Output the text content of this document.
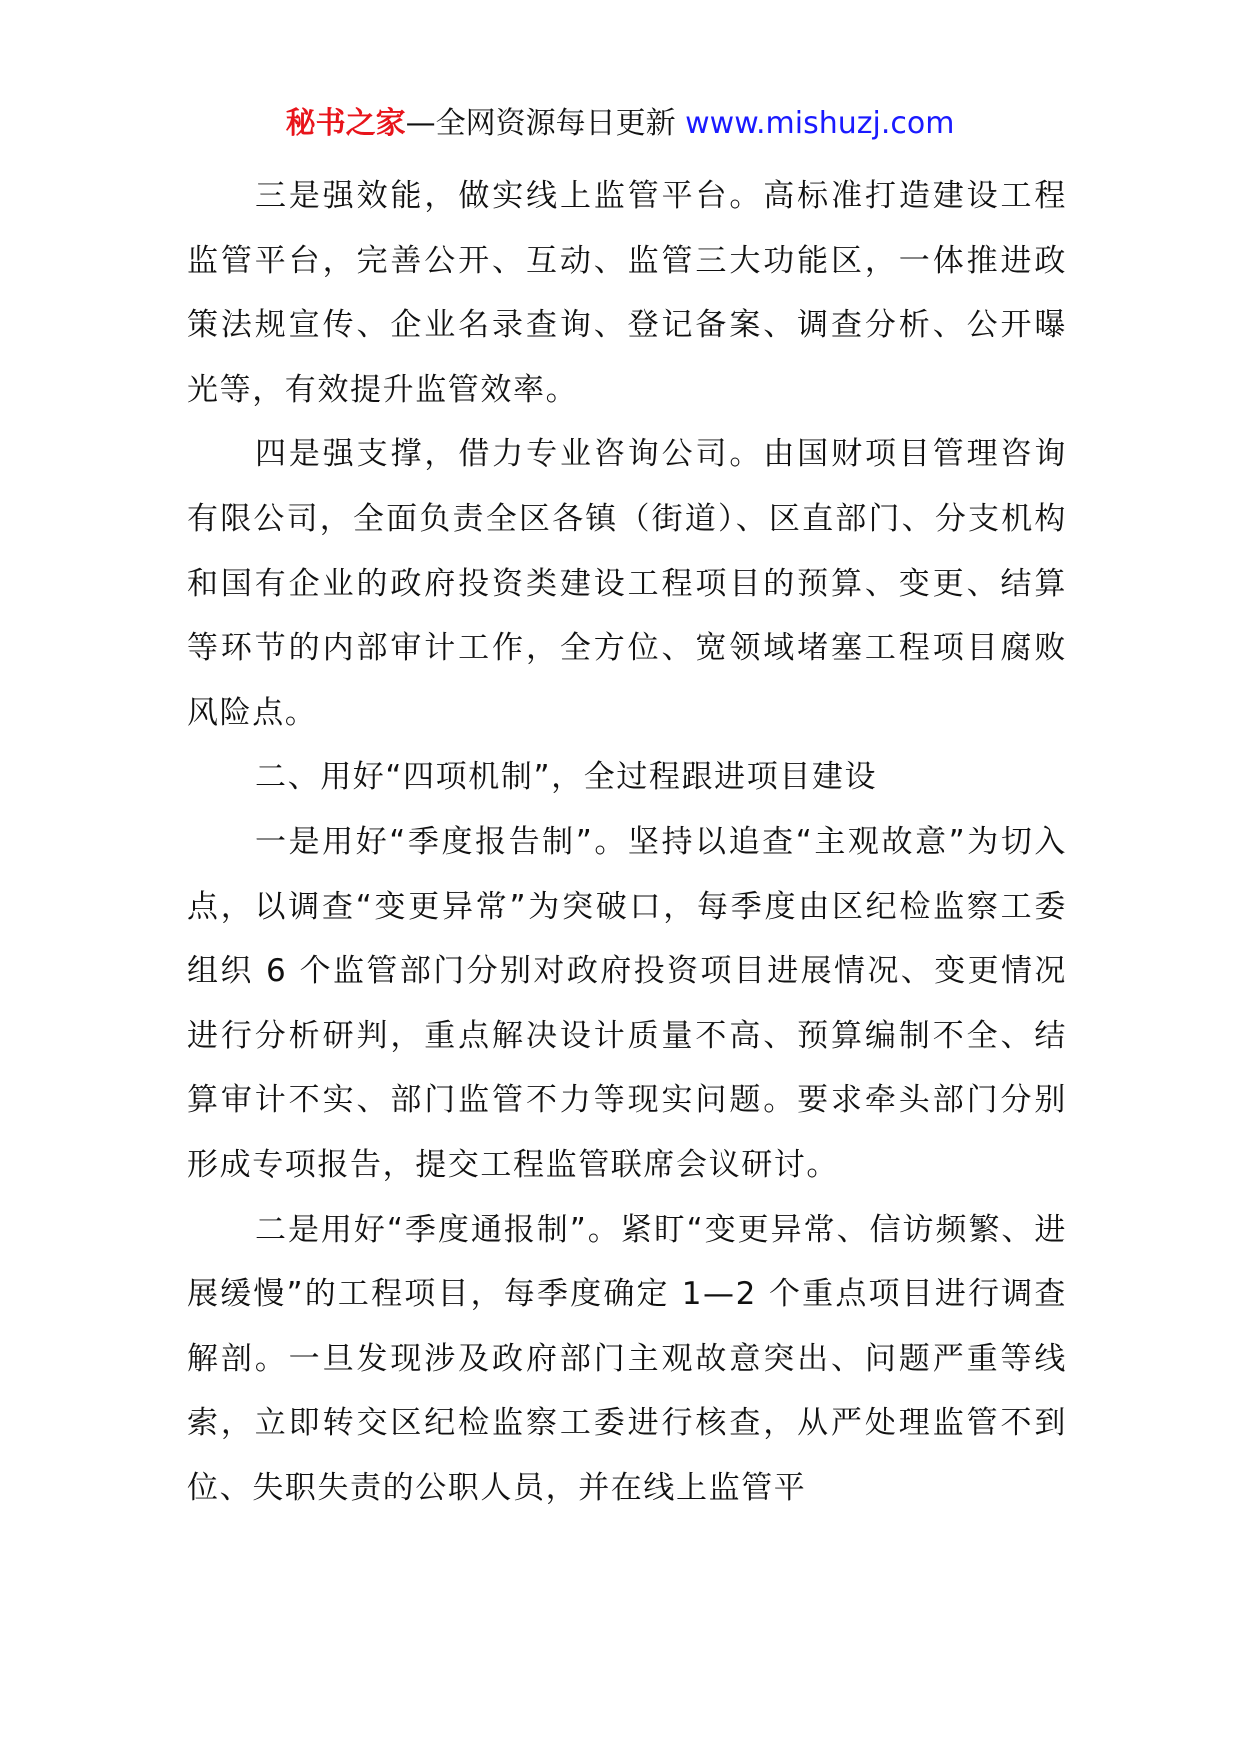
秘书之家—全网资源每日更新 www.mishuzj.com

三是强效能，做实线上监管平台。高标准打造建设工程监管平台，完善公开、互动、监管三大功能区，一体推进政策法规宣传、企业名录查询、登记备案、调查分析、公开曝光等，有效提升监管效率。

四是强支撑，借力专业咨询公司。由国财项目管理咨询有限公司，全面负责全区各镇（街道）、区直部门、分支机构和国有企业的政府投资类建设工程项目的预算、变更、结算等环节的内部审计工作，全方位、宽领域堵塞工程项目腐败风险点。

二、用好“四项机制”，全过程跟进项目建设

一是用好“季度报告制”。坚持以追查“主观故意”为切入点，以调查“变更异常”为突破口，每季度由区纪检监察工委组织 6 个监管部门分别对政府投资项目进展情况、变更情况进行分析研判，重点解决设计质量不高、预算编制不全、结算审计不实、部门监管不力等现实问题。要求牵头部门分别形成专项报告，提交工程监管联席会议研讨。

二是用好“季度通报制”。紧盯“变更异常、信访频繁、进展缓慢”的工程项目，每季度确定 1—2 个重点项目进行调查解剖。一旦发现涉及政府部门主观故意突出、问题严重等线索，立即转交区纪检监察工委进行核查，从严处理监管不到位、失职失责的公职人员，并在线上监管平
